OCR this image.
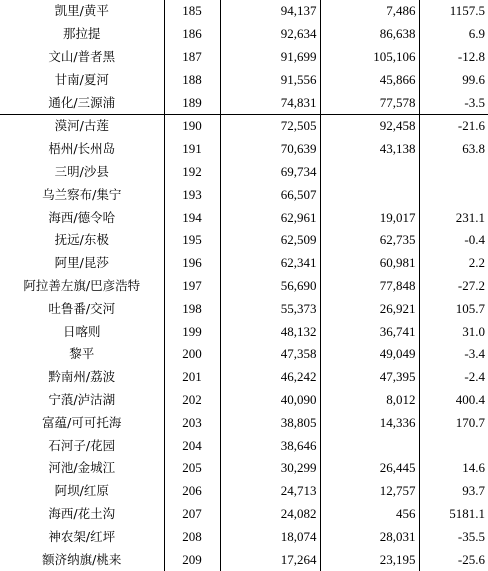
凯里/黄平	185	94,137	7,486	1157.5
那拉提	186	92,634	86,638	6.9
文山/普者黑	187	91,699	105,106	-12.8
甘南/夏河	188	91,556	45,866	99.6
通化/三源浦	189	74,831	77,578	-3.5
漠河/古莲	190	72,505	92,458	-21.6
梧州/长州岛	191	70,639	43,138	63.8
三明/沙县	192	69,734		
乌兰察布/集宁	193	66,507		
海西/德令哈	194	62,961	19,017	231.1
抚远/东极	195	62,509	62,735	-0.4
阿里/昆莎	196	62,341	60,981	2.2
阿拉善左旗/巴彦浩特	197	56,690	77,848	-27.2
吐鲁番/交河	198	55,373	26,921	105.7
日喀则	199	48,132	36,741	31.0
黎平	200	47,358	49,049	-3.4
黔南州/荔波	201	46,242	47,395	-2.4
宁蒗/泸沽湖	202	40,090	8,012	400.4
富蕴/可可托海	203	38,805	14,336	170.7
石河子/花园	204	38,646		
河池/金城江	205	30,299	26,445	14.6
阿坝/红原	206	24,713	12,757	93.7
海西/花土沟	207	24,082	456	5181.1
神农架/红坪	208	18,074	28,031	-35.5
额济纳旗/桃来	209	17,264	23,195	-25.6
